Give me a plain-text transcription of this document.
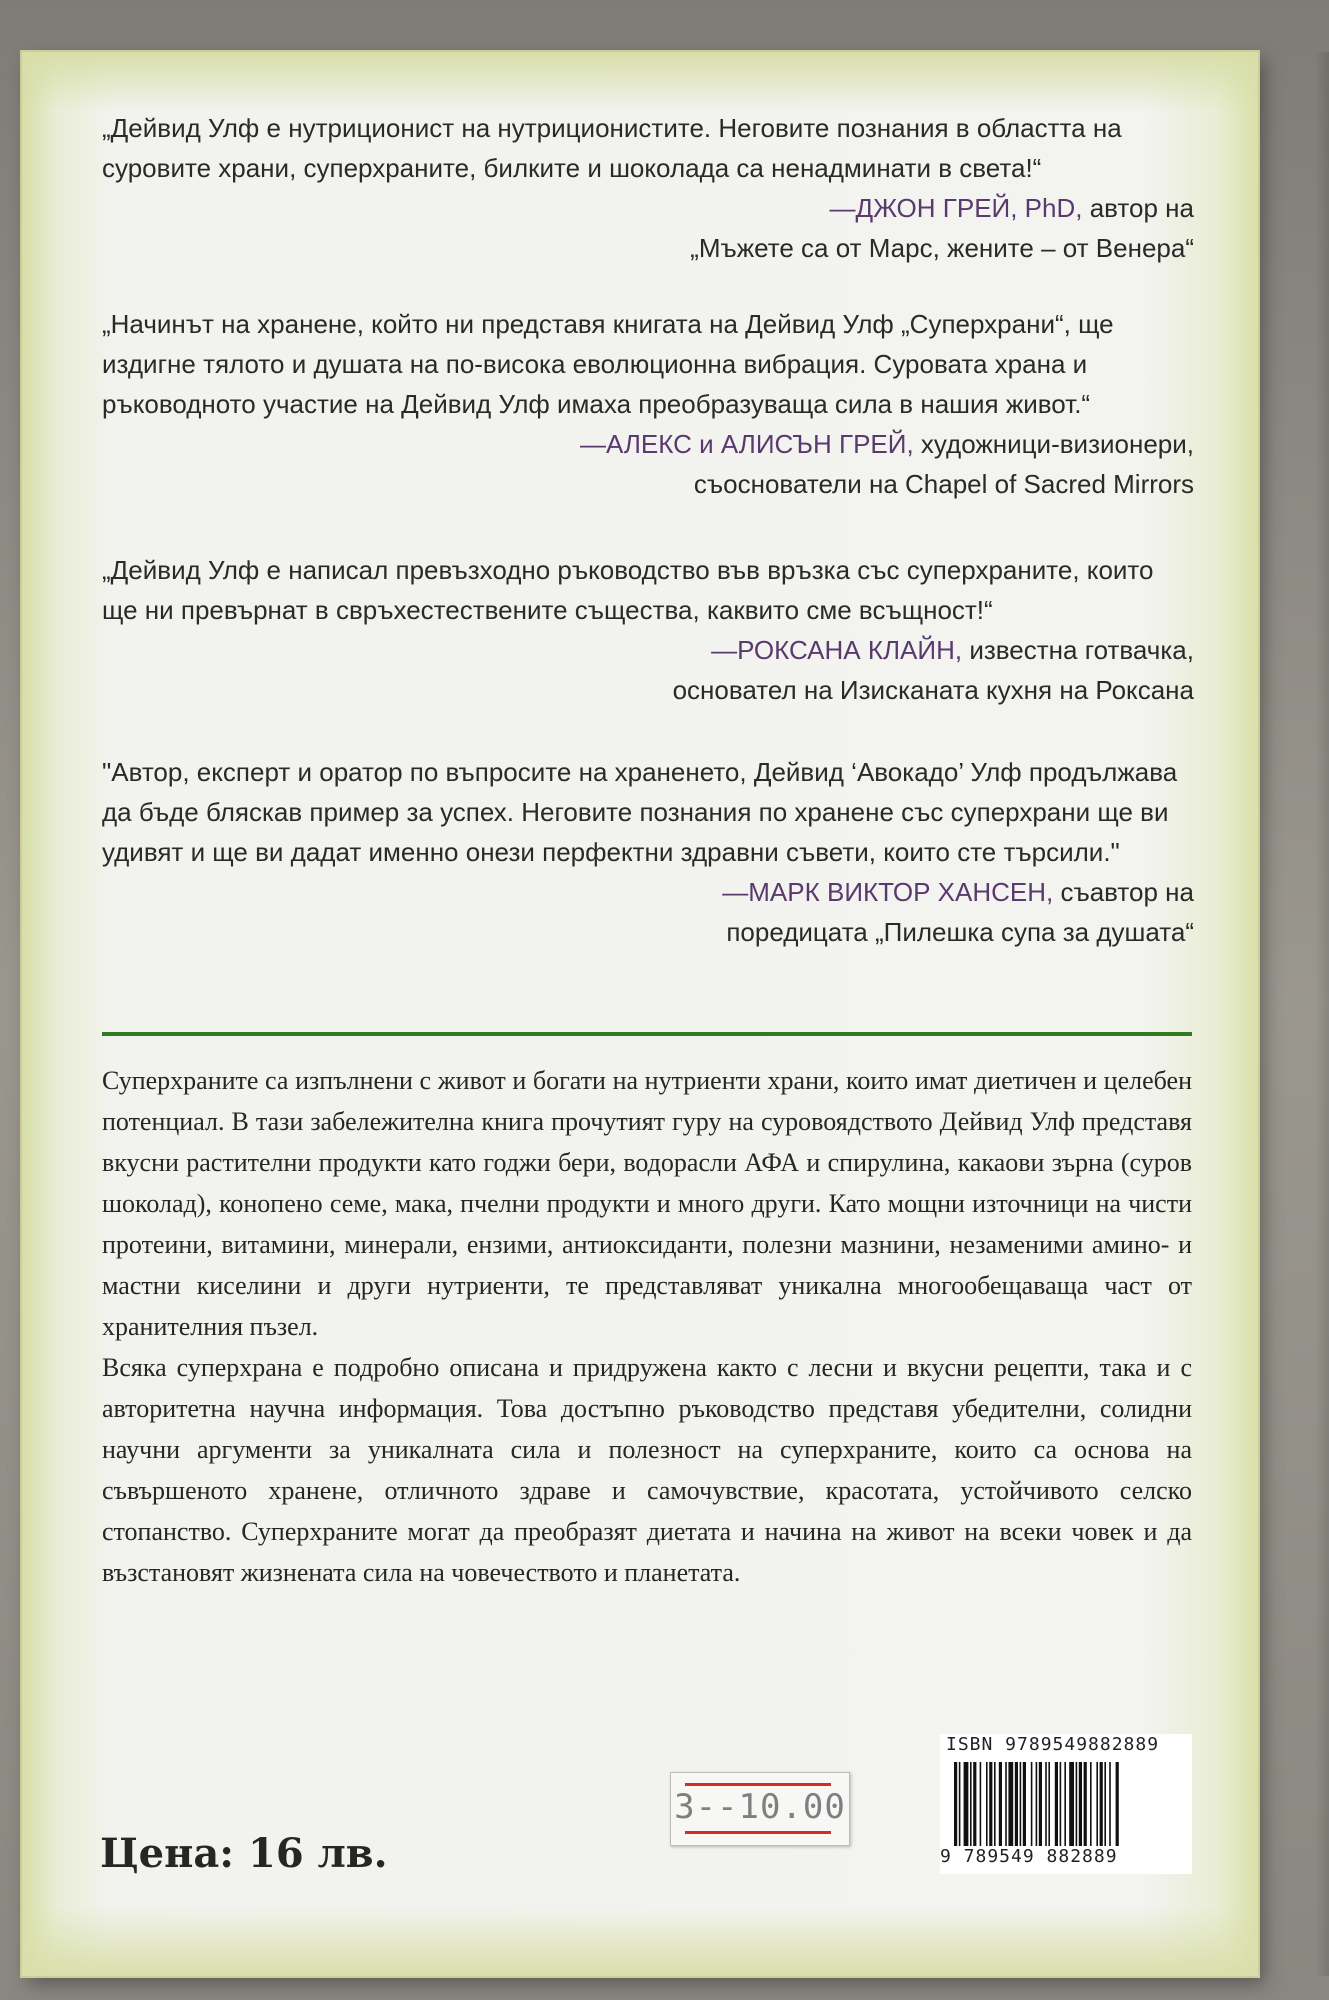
„Дейвид Улф е нутриционист на нутриционистите. Неговите познания в областта на суровите храни, суперхраните, билките и шоколада са ненадминати в света!“
—ДЖОН ГРЕЙ, PhD, автор на
„Мъжете са от Марс, жените – от Венера“
„Начинът на хранене, който ни представя книгата на Дейвид Улф „Суперхрани“, ще издигне тялото и душата на по-висока еволюционна вибрация. Суровата храна и ръководното участие на Дейвид Улф имаха преобразуваща сила в нашия живот.“
—АЛЕКС и АЛИСЪН ГРЕЙ, художници-визионери,
съоснователи на Chapel of Sacred Mirrors
„Дейвид Улф е написал превъзходно ръководство във връзка със суперхраните, които ще ни превърнат в свръхестествените същества, каквито сме всъщност!“
—РОКСАНА КЛАЙН, известна готвачка,
основател на Изисканата кухня на Роксана
"Автор, експерт и оратор по въпросите на храненето, Дейвид ‘Авокадо’ Улф продължава да бъде бляскав пример за успех. Неговите познания по хранене със суперхрани ще ви удивят и ще ви дадат именно онези перфектни здравни съвети, които сте търсили."
—МАРК ВИКТОР ХАНСЕН, съавтор на
поредицата „Пилешка супа за душата“

Суперхраните са изпълнени с живот и богати на нутриенти храни, които имат диетичен и целебен потенциал. В тази забележителна книга прочутият гуру на суровоядството Дейвид Улф представя вкусни растителни продукти като годжи бери, водорасли АФА и спирулина, какаови зърна (суров шоколад), конопено семе, мака, пчелни продукти и много други. Като мощни източници на чисти протеини, витамини, минерали, ензими, антиоксиданти, полезни мазнини, незаменими амино- и мастни киселини и други нутриенти, те представляват уникална многообещаваща част от хранителния пъзел.

Всяка суперхрана е подробно описана и придружена както с лесни и вкусни рецепти, така и с авторитетна научна информация. Това достъпно ръководство представя убедителни, солидни научни аргументи за уникалната сила и полезност на суперхраните, които са основа на съвършеното хранене, отличното здраве и самочувствие, красотата, устойчивото селско стопанство. Суперхраните могат да преобразят диетата и начина на живот на всеки човек и да възстановят жизнената сила на човечеството и планетата.

Цена: 16 лв.
3--10.00
ISBN 9789549882889
9 789549 882889
